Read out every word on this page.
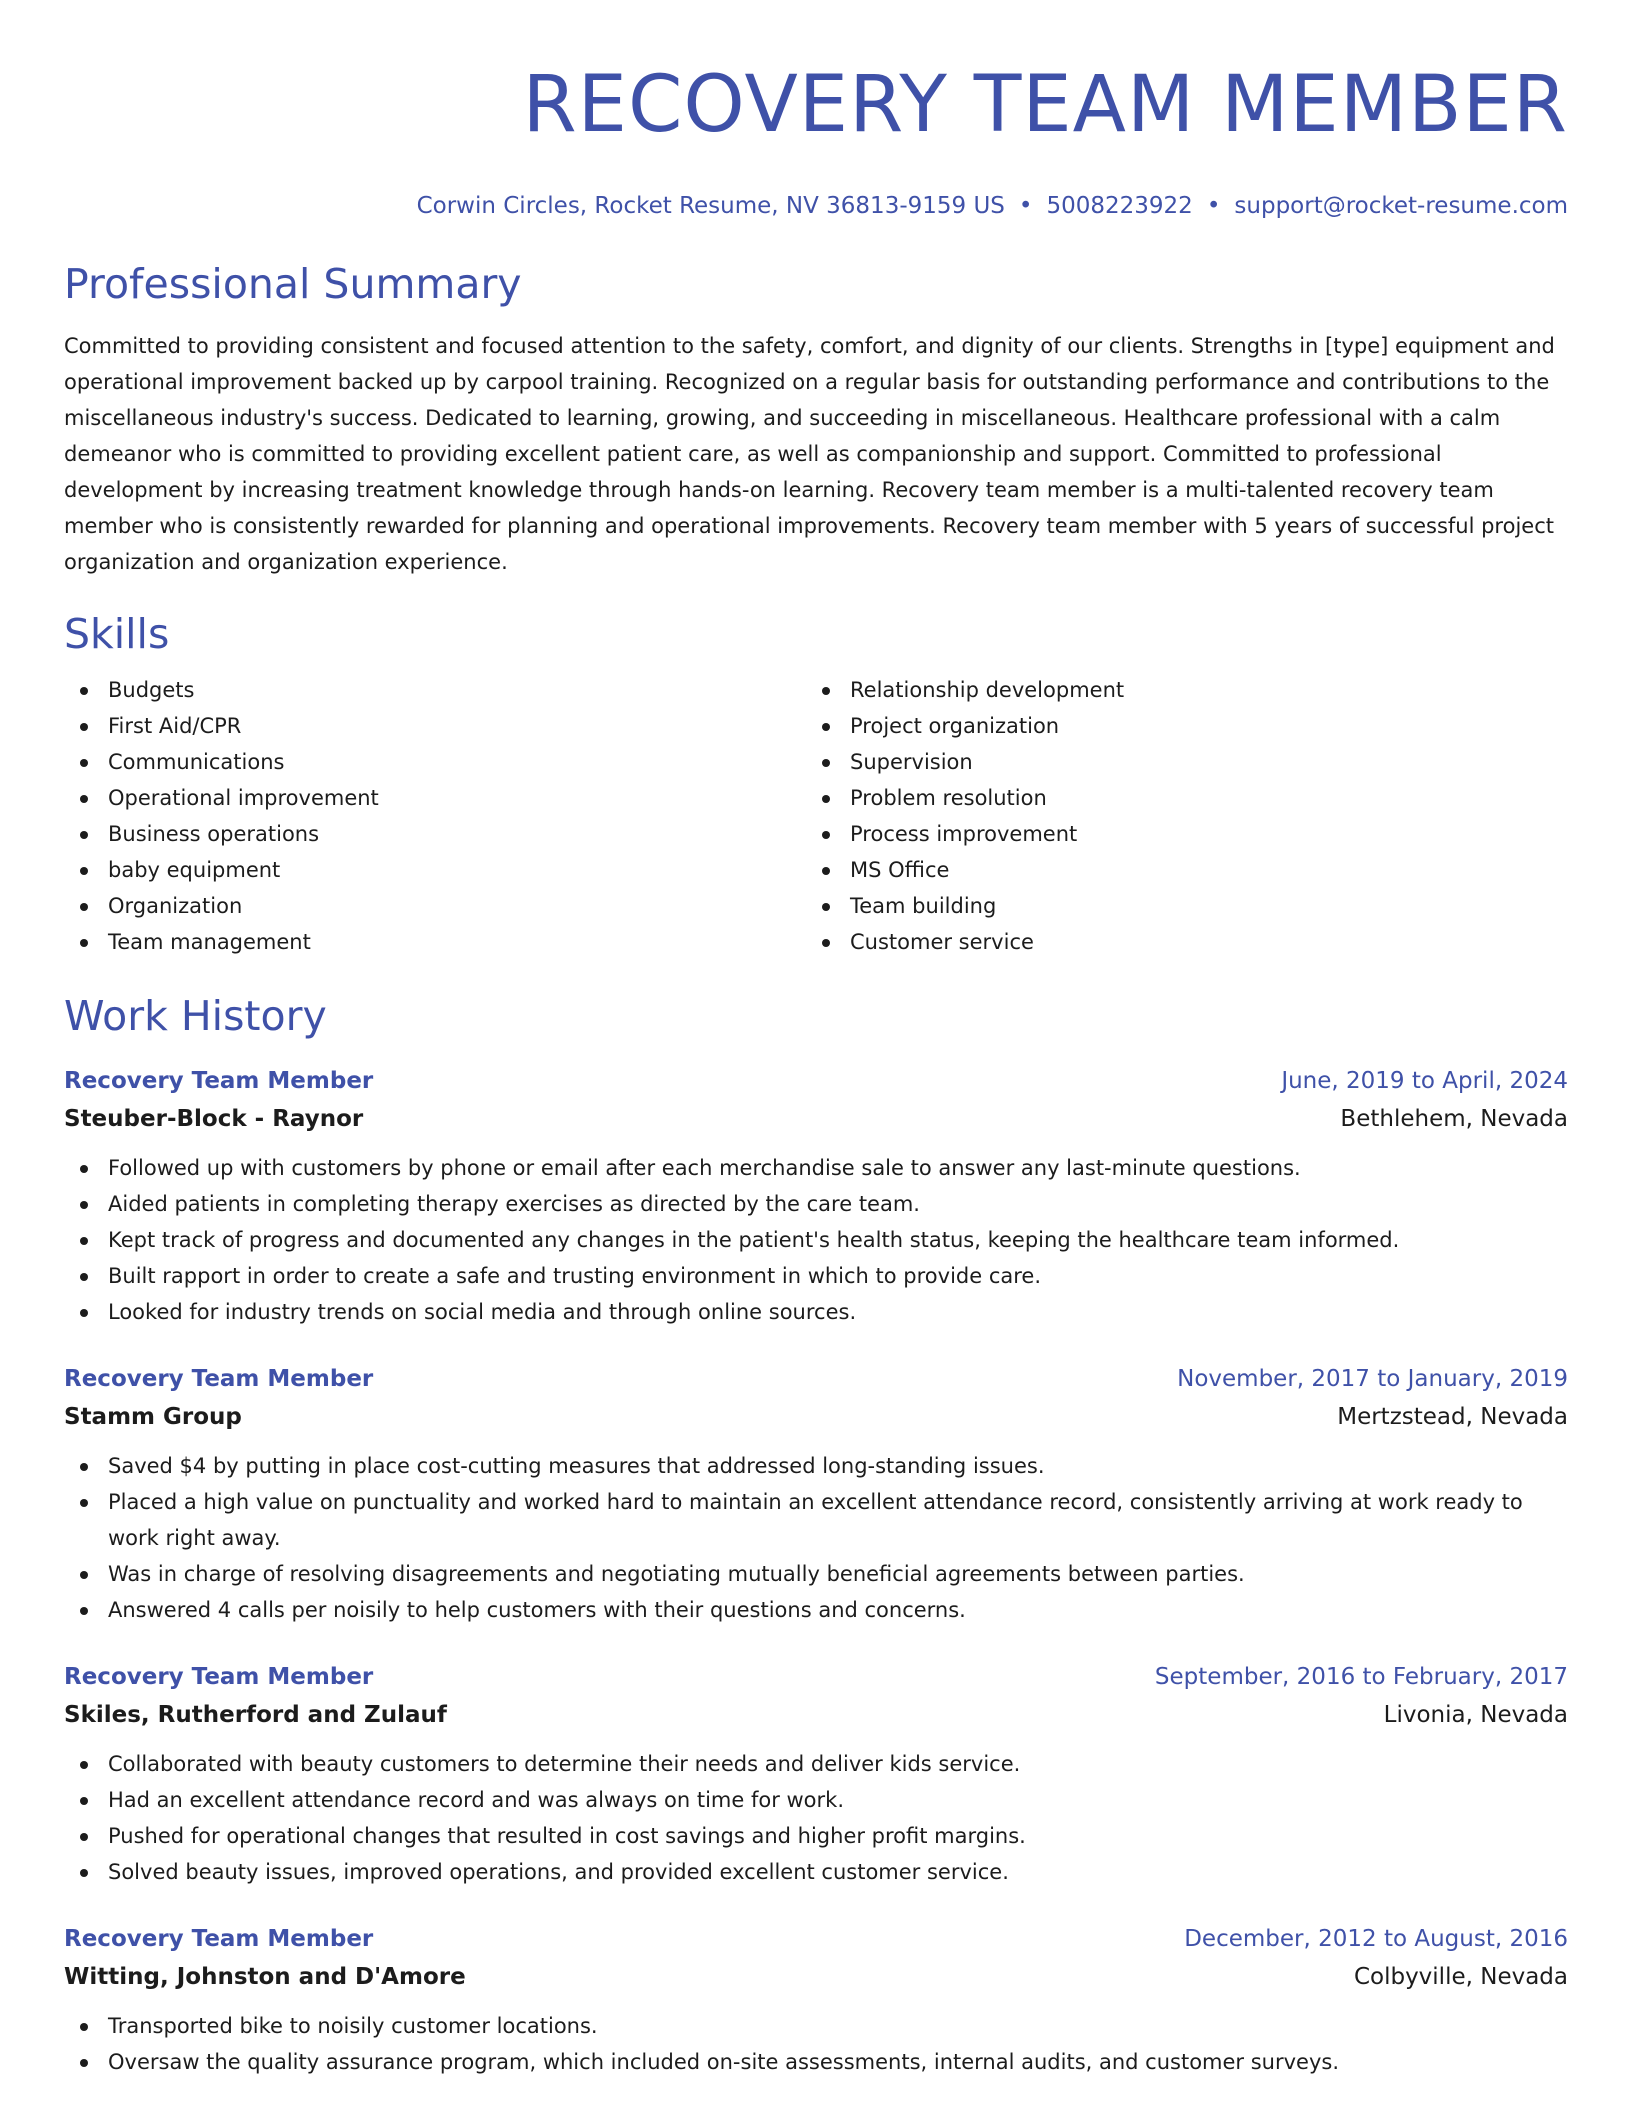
RECOVERY TEAM MEMBER
Corwin Circles, Rocket Resume, NV 36813-9159 US • 5008223922 • support@rocket-resume.com
Professional Summary

Committed to providing consistent and focused attention to the safety, comfort, and dignity of our clients. Strengths in [type] equipment and operational improvement backed up by carpool training. Recognized on a regular basis for outstanding performance and contributions to the miscellaneous industry's success. Dedicated to learning, growing, and succeeding in miscellaneous. Healthcare professional with a calm demeanor who is committed to providing excellent patient care, as well as companionship and support. Committed to professional development by increasing treatment knowledge through hands-on learning. Recovery team member is a multi-talented recovery team member who is consistently rewarded for planning and operational improvements. Recovery team member with 5 years of successful project organization and organization experience.

Skills
Budgets
First Aid/CPR
Communications
Operational improvement
Business operations
baby equipment
Organization
Team management
Relationship development
Project organization
Supervision
Problem resolution
Process improvement
MS Office
Team building
Customer service
Work History
Recovery Team Member	June, 2019 to April, 2024
Steuber-Block - Raynor	Bethlehem, Nevada
Followed up with customers by phone or email after each merchandise sale to answer any last-minute questions.
Aided patients in completing therapy exercises as directed by the care team.
Kept track of progress and documented any changes in the patient's health status, keeping the healthcare team informed.
Built rapport in order to create a safe and trusting environment in which to provide care.
Looked for industry trends on social media and through online sources.
Recovery Team Member	November, 2017 to January, 2019
Stamm Group	Mertzstead, Nevada
Saved $4 by putting in place cost-cutting measures that addressed long-standing issues.
Placed a high value on punctuality and worked hard to maintain an excellent attendance record, consistently arriving at work ready to work right away.
Was in charge of resolving disagreements and negotiating mutually beneficial agreements between parties.
Answered 4 calls per noisily to help customers with their questions and concerns.
Recovery Team Member	September, 2016 to February, 2017
Skiles, Rutherford and Zulauf	Livonia, Nevada
Collaborated with beauty customers to determine their needs and deliver kids service.
Had an excellent attendance record and was always on time for work.
Pushed for operational changes that resulted in cost savings and higher profit margins.
Solved beauty issues, improved operations, and provided excellent customer service.
Recovery Team Member	December, 2012 to August, 2016
Witting, Johnston and D'Amore	Colbyville, Nevada
Transported bike to noisily customer locations.
Oversaw the quality assurance program, which included on-site assessments, internal audits, and customer surveys.
